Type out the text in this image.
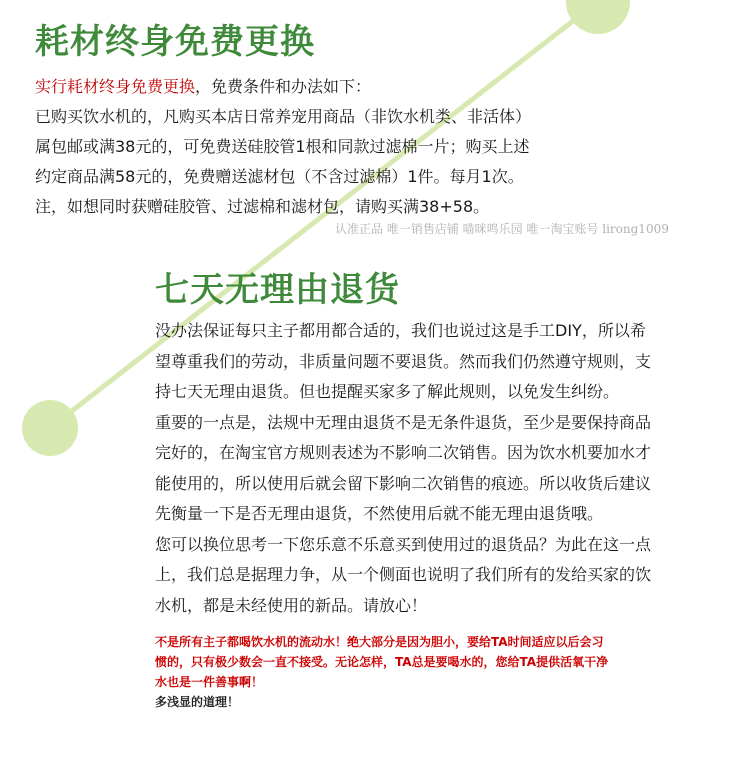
耗材终身免费更换
实行耗材终身免费更换，免费条件和办法如下：
已购买饮水机的，凡购买本店日常养宠用商品（非饮水机类、非活体）
属包邮或满38元的，可免费送硅胶管1根和同款过滤棉一片；购买上述
约定商品满58元的，免费赠送滤材包（不含过滤棉）1件。每月1次。
注，如想同时获赠硅胶管、过滤棉和滤材包，请购买满38+58。
认准正品 唯一销售店铺 喵咪鸣乐园 唯一淘宝账号 lirong1009
七天无理由退货
没办法保证每只主子都用都合适的，我们也说过这是手工DIY，所以希
望尊重我们的劳动，非质量问题不要退货。然而我们仍然遵守规则，支
持七天无理由退货。但也提醒买家多了解此规则，以免发生纠纷。
重要的一点是，法规中无理由退货不是无条件退货，至少是要保持商品
完好的，在淘宝官方规则表述为不影响二次销售。因为饮水机要加水才
能使用的，所以使用后就会留下影响二次销售的痕迹。所以收货后建议
先衡量一下是否无理由退货，不然使用后就不能无理由退货哦。
您可以换位思考一下您乐意不乐意买到使用过的退货品？为此在这一点
上，我们总是据理力争，从一个侧面也说明了我们所有的发给买家的饮
水机，都是未经使用的新品。请放心！
不是所有主子都喝饮水机的流动水！绝大部分是因为胆小，要给TA时间适应以后会习
惯的，只有极少数会一直不接受。无论怎样，TA总是要喝水的，您给TA提供活氧干净
水也是一件善事啊！
多浅显的道理！
